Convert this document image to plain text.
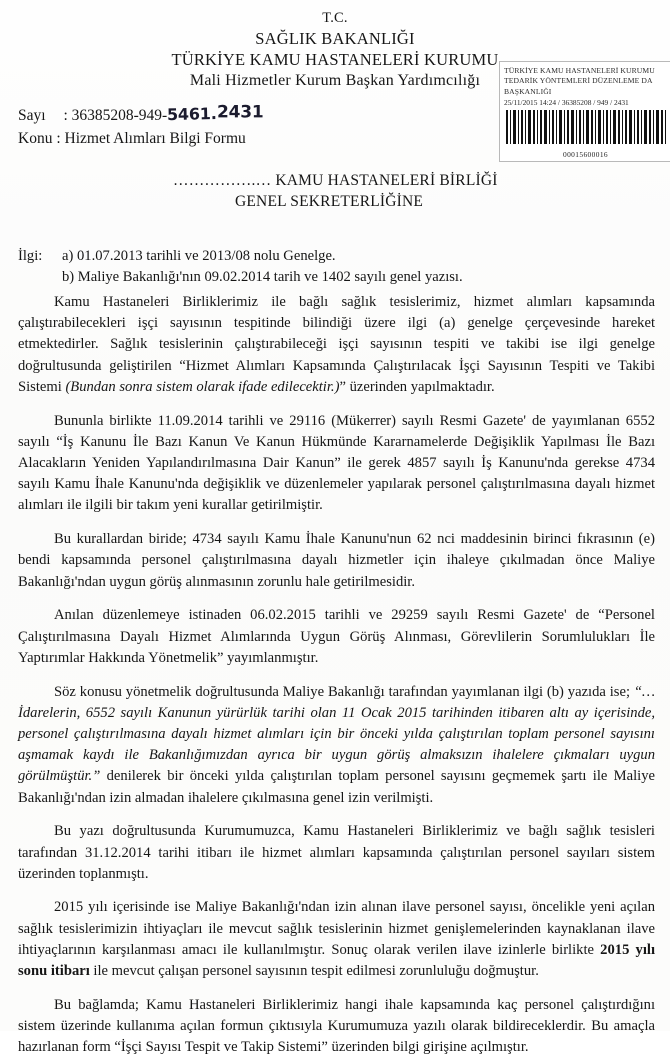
T.C.
SAĞLIK BAKANLIĞI
TÜRKİYE KAMU HASTANELERİ KURUMU
Mali Hizmetler Kurum Başkan Yardımcılığı
TÜRKİYE KAMU HASTANELERİ KURUMU
TEDARİK YÖNTEMLERİ DÜZENLEME DA
BAŞKANLIĞI
25/11/2015 14:24 / 36385208 / 949 / 2431
00015600016
Sayı : 36385208-949-5461.2431
Konu : Hizmet Alımları Bilgi Formu
…………….… KAMU HASTANELERİ BİRLİĞİ
GENEL SEKRETERLİĞİNE
İlgi:	a) 01.07.2013 tarihli ve 2013/08 nolu Genelge.
b) Maliye Bakanlığı'nın 09.02.2014 tarih ve 1402 sayılı genel yazısı.

Kamu Hastaneleri Birliklerimiz ile bağlı sağlık tesislerimiz, hizmet alımları kapsamında çalıştırabilecekleri işçi sayısının tespitinde bilindiği üzere ilgi (a) genelge çerçevesinde hareket etmektedirler. Sağlık tesislerinin çalıştırabileceği işçi sayısının tespiti ve takibi ise ilgi genelge doğrultusunda geliştirilen “Hizmet Alımları Kapsamında Çalıştırılacak İşçi Sayısının Tespiti ve Takibi Sistemi (Bundan sonra sistem olarak ifade edilecektir.)” üzerinden yapılmaktadır.

Bununla birlikte 11.09.2014 tarihli ve 29116 (Mükerrer) sayılı Resmi Gazete' de yayımlanan 6552 sayılı “İş Kanunu İle Bazı Kanun Ve Kanun Hükmünde Kararnamelerde Değişiklik Yapılması İle Bazı Alacakların Yeniden Yapılandırılmasına Dair Kanun” ile gerek 4857 sayılı İş Kanunu'nda gerekse 4734 sayılı Kamu İhale Kanunu'nda değişiklik ve düzenlemeler yapılarak personel çalıştırılmasına dayalı hizmet alımları ile ilgili bir takım yeni kurallar getirilmiştir.

Bu kurallardan biride; 4734 sayılı Kamu İhale Kanunu'nun 62 nci maddesinin birinci fıkrasının (e) bendi kapsamında personel çalıştırılmasına dayalı hizmetler için ihaleye çıkılmadan önce Maliye Bakanlığı'ndan uygun görüş alınmasının zorunlu hale getirilmesidir.

Anılan düzenlemeye istinaden 06.02.2015 tarihli ve 29259 sayılı Resmi Gazete' de “Personel Çalıştırılmasına Dayalı Hizmet Alımlarında Uygun Görüş Alınması, Görevlilerin Sorumlulukları İle Yaptırımlar Hakkında Yönetmelik” yayımlanmıştır.

Söz konusu yönetmelik doğrultusunda Maliye Bakanlığı tarafından yayımlanan ilgi (b) yazıda ise; “…İdarelerin, 6552 sayılı Kanunun yürürlük tarihi olan 11 Ocak 2015 tarihinden itibaren altı ay içerisinde, personel çalıştırılmasına dayalı hizmet alımları için bir önceki yılda çalıştırılan toplam personel sayısını aşmamak kaydı ile Bakanlığımızdan ayrıca bir uygun görüş almaksızın ihalelere çıkmaları uygun görülmüştür.” denilerek bir önceki yılda çalıştırılan toplam personel sayısını geçmemek şartı ile Maliye Bakanlığı'ndan izin almadan ihalelere çıkılmasına genel izin verilmişti.

Bu yazı doğrultusunda Kurumumuzca, Kamu Hastaneleri Birliklerimiz ve bağlı sağlık tesisleri tarafından 31.12.2014 tarihi itibarı ile hizmet alımları kapsamında çalıştırılan personel sayıları sistem üzerinden toplanmıştı.

2015 yılı içerisinde ise Maliye Bakanlığı'ndan izin alınan ilave personel sayısı, öncelikle yeni açılan sağlık tesislerimizin ihtiyaçları ile mevcut sağlık tesislerinin hizmet genişlemelerinden kaynaklanan ilave ihtiyaçlarının karşılanması amacı ile kullanılmıştır. Sonuç olarak verilen ilave izinlerle birlikte 2015 yılı sonu itibarı ile mevcut çalışan personel sayısının tespit edilmesi zorunluluğu doğmuştur.

Bu bağlamda; Kamu Hastaneleri Birliklerimiz hangi ihale kapsamında kaç personel çalıştırdığını sistem üzerinde kullanıma açılan formun çıktısıyla Kurumumuza yazılı olarak bildireceklerdir. Bu amaçla hazırlanan form “İşçi Sayısı Tespit ve Takip Sistemi” üzerinden bilgi girişine açılmıştır.
